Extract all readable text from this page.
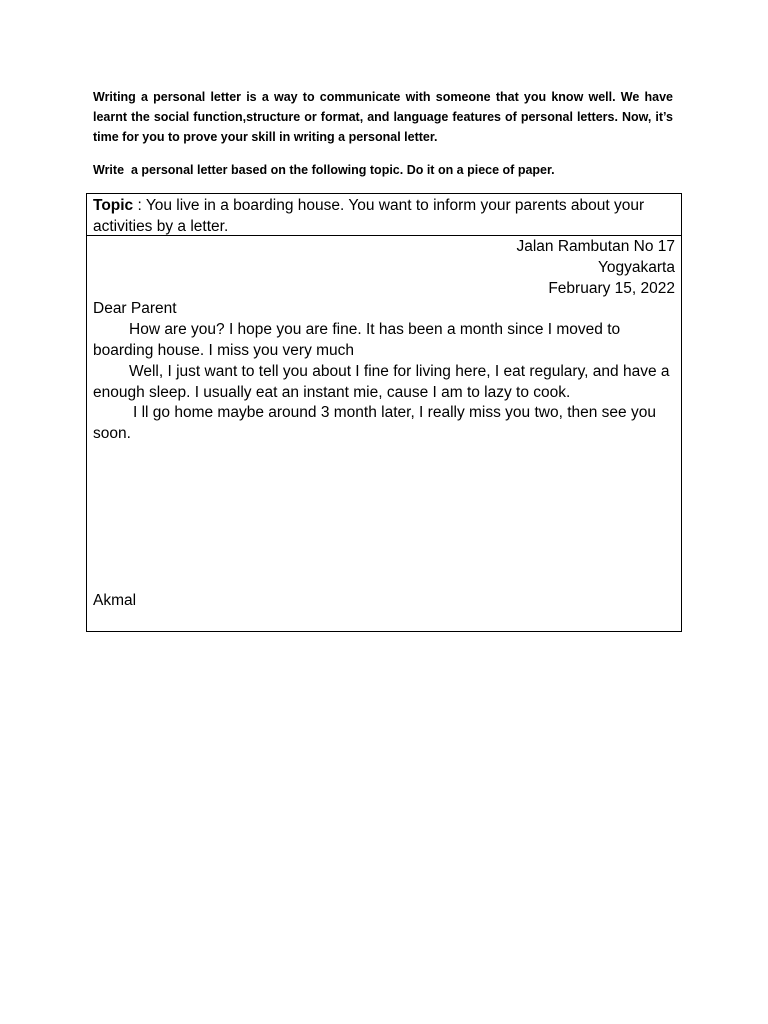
Writing a personal letter is a way to communicate with someone that you know well. We have learnt the social function,structure or format, and language features of personal letters. Now, it’s time for you to prove your skill in writing a personal letter.

Write  a personal letter based on the following topic. Do it on a piece of paper.
Topic : You live in a boarding house. You want to inform your parents about your activities by a letter.
Jalan Rambutan No 17
Yogyakarta
February 15, 2022
Dear Parent

How are you? I hope you are fine. It has been a month since I moved to boarding house. I miss you very much

Well, I just want to tell you about I fine for living here, I eat regulary, and have a enough sleep. I usually eat an instant mie, cause I am to lazy to cook.

I ll go home maybe around 3 month later, I really miss you two, then see you soon.

Akmal
